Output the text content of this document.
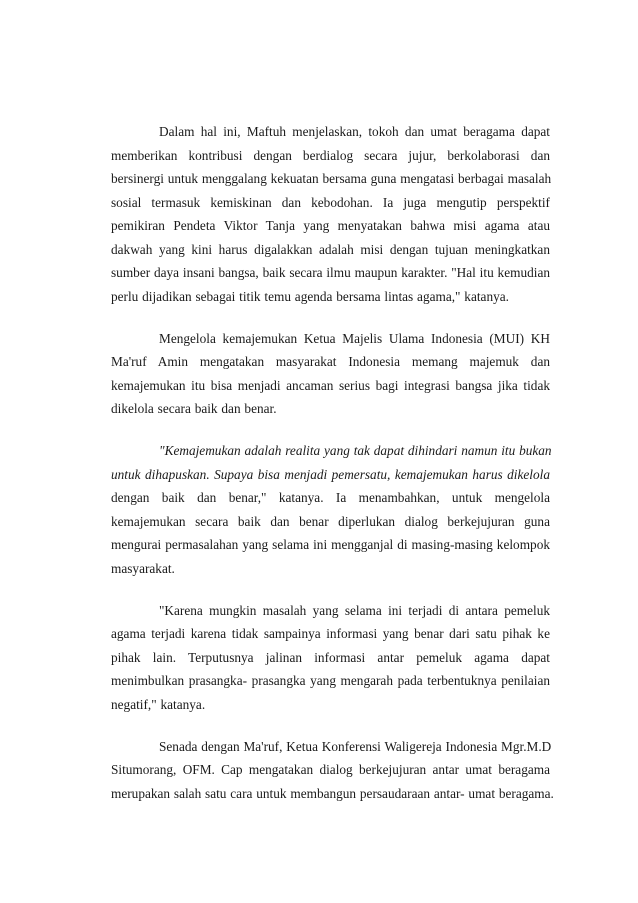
Dalam hal ini, Maftuh menjelaskan, tokoh dan umat beragama dapat
memberikan kontribusi dengan berdialog secara jujur, berkolaborasi dan
bersinergi untuk menggalang kekuatan bersama guna mengatasi berbagai masalah
sosial termasuk kemiskinan dan kebodohan. Ia juga mengutip perspektif
pemikiran Pendeta Viktor Tanja yang menyatakan bahwa misi agama atau
dakwah yang kini harus digalakkan adalah misi dengan tujuan meningkatkan
sumber daya insani bangsa, baik secara ilmu maupun karakter. "Hal itu kemudian
perlu dijadikan sebagai titik temu agenda bersama lintas agama," katanya.

Mengelola kemajemukan Ketua Majelis Ulama Indonesia (MUI) KH
Ma'ruf Amin mengatakan masyarakat Indonesia memang majemuk dan
kemajemukan itu bisa menjadi ancaman serius bagi integrasi bangsa jika tidak
dikelola secara baik dan benar.

"Kemajemukan adalah realita yang tak dapat dihindari namun itu bukan
untuk dihapuskan. Supaya bisa menjadi pemersatu, kemajemukan harus dikelola
dengan baik dan benar," katanya. Ia menambahkan, untuk mengelola
kemajemukan secara baik dan benar diperlukan dialog berkejujuran guna
mengurai permasalahan yang selama ini mengganjal di masing-masing kelompok
masyarakat.

"Karena mungkin masalah yang selama ini terjadi di antara pemeluk
agama terjadi karena tidak sampainya informasi yang benar dari satu pihak ke
pihak lain. Terputusnya jalinan informasi antar pemeluk agama dapat
menimbulkan prasangka- prasangka yang mengarah pada terbentuknya penilaian
negatif," katanya.

Senada dengan Ma'ruf, Ketua Konferensi Waligereja Indonesia Mgr.M.D
Situmorang, OFM. Cap mengatakan dialog berkejujuran antar umat beragama
merupakan salah satu cara untuk membangun persaudaraan antar- umat beragama.
